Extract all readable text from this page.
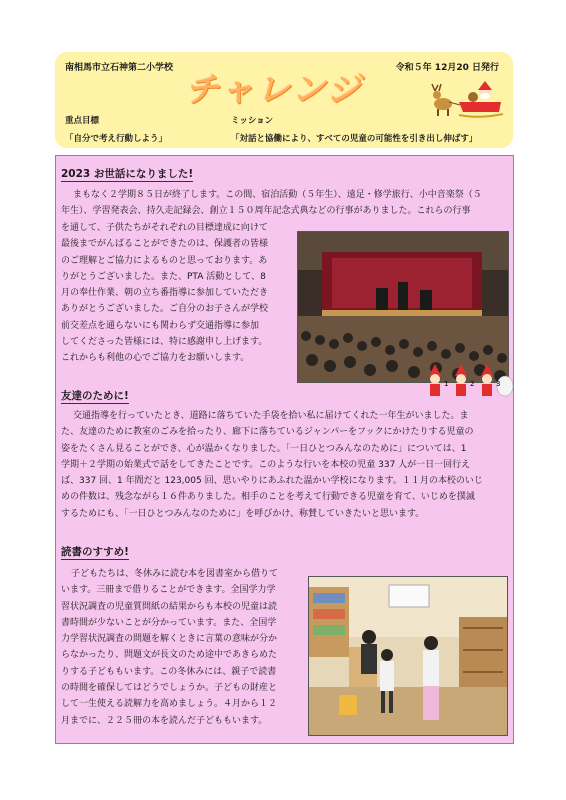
南相馬市立石神第二小学校
チャレンジ
令和５年 12月20 日発行
重点目標
「自分で考え行動しよう」
ミッション
「対話と協働により、すべての児童の可能性を引き出し伸ばす」
2023 お世話になりました!
まもなく２学期８５日が終了します。この間、宿泊活動（５年生）、遠足・修学旅行、小中音楽祭（５
年生）、学習発表会、持久走記録会、創立１５０周年記念式典などの行事がありました。これらの行事
を通して、子供たちがそれぞれの目標達成に向けて
最後までがんばることができたのは、保護者の皆様
のご理解とご協力によるものと思っております。あ
りがとうございました。また、PTA 活動として、8
月の奉仕作業、朝の立ち番指導に参加していただき
ありがとうございました。ご自分のお子さんが学校
前交差点を通らないにも関わらず交通指導に参加
してくださった皆様には、特に感謝申し上げます。
これからも利他の心でご協力をお願いします。
1	2	3
友達のために!
交通指導を行っていたとき、道路に落ちていた手袋を拾い私に届けてくれた一年生がいました。ま
た、友達のために教室のごみを拾ったり、廊下に落ちているジャンパーをフックにかけたりする児童の
姿をたくさん見ることができ、心が温かくなりました。「一日ひとつみんなのために」については、1
学期＋２学期の始業式で話をしてきたことです。このような行いを本校の児童 337 人が一日一回行え
ば、337 回、1 年間だと 123,005 回、思いやりにあふれた温かい学校になります。１１月の本校のいじ
めの件数は、残念ながら１６件ありました。相手のことを考えて行動できる児童を育て、いじめを撲滅
するためにも、「一日ひとつみんなのために」を呼びかけ、称賛していきたいと思います。
読書のすすめ!
子どもたちは、冬休みに読む本を図書室から借りて
います。三冊まで借りることができます。全国学力学
習状況調査の児童質問紙の結果からも本校の児童は読
書時間が少ないことが分かっています。また、全国学
力学習状況調査の問題を解くときに言葉の意味が分か
らなかったり、問題文が長文のため途中であきらめた
りする子どももいます。この冬休みには、親子で読書
の時間を確保してはどうでしょうか。子どもの財産と
して一生使える読解力を高めましょう。４月から１２
月までに、２２５冊の本を読んだ子どももいます。
